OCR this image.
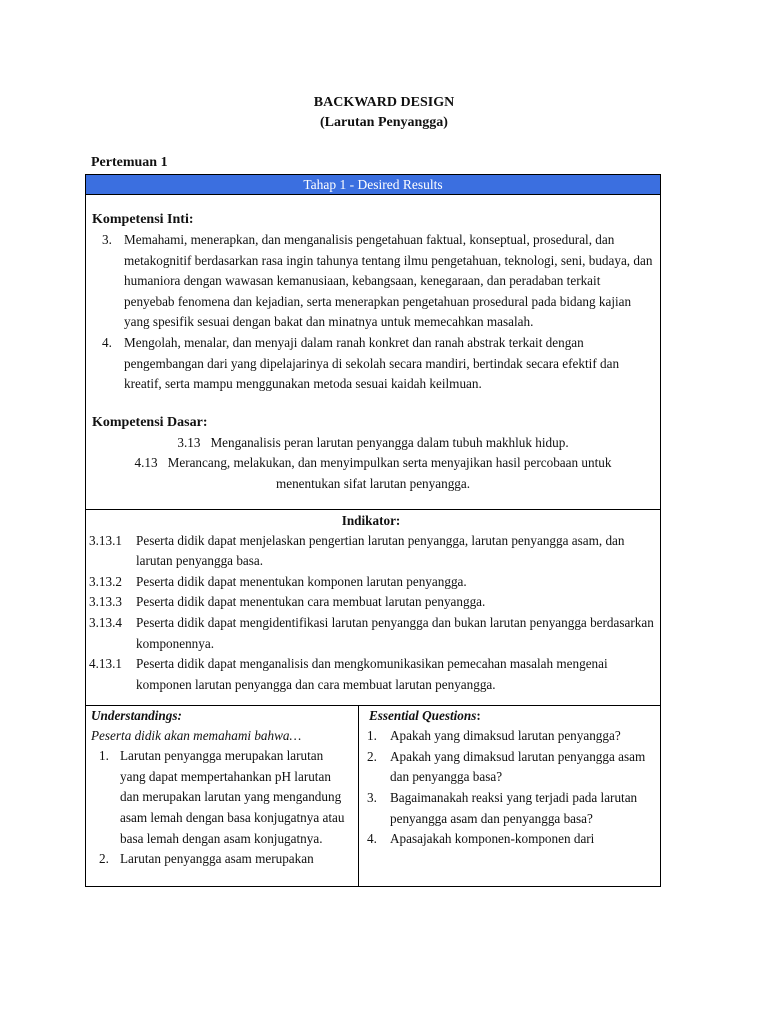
BACKWARD DESIGN
(Larutan Penyangga)
Pertemuan 1
Tahap 1 - Desired Results

Kompetensi Inti:
3. Memahami, menerapkan, dan menganalisis pengetahuan faktual, konseptual, prosedural, dan metakognitif berdasarkan rasa ingin tahunya tentang ilmu pengetahuan, teknologi, seni, budaya, dan humaniora dengan wawasan kemanusiaan, kebangsaan, kenegaraan, dan peradaban terkait penyebab fenomena dan kejadian, serta menerapkan pengetahuan prosedural pada bidang kajian yang spesifik sesuai dengan bakat dan minatnya untuk memecahkan masalah.
4. Mengolah, menalar, dan menyaji dalam ranah konkret dan ranah abstrak terkait dengan pengembangan dari yang dipelajarinya di sekolah secara mandiri, bertindak secara efektif dan kreatif, serta mampu menggunakan metoda sesuai kaidah keilmuan.
Kompetensi Dasar:
3.13 Menganalisis peran larutan penyangga dalam tubuh makhluk hidup.
4.13 Merancang, melakukan, dan menyimpulkan serta menyajikan hasil percobaan untuk
menentukan sifat larutan penyangga.

Indikator:
3.13.1 Peserta didik dapat menjelaskan pengertian larutan penyangga, larutan penyangga asam, dan larutan penyangga basa.
3.13.2 Peserta didik dapat menentukan komponen larutan penyangga.
3.13.3 Peserta didik dapat menentukan cara membuat larutan penyangga.
3.13.4 Peserta didik dapat mengidentifikasi larutan penyangga dan bukan larutan penyangga berdasarkan komponennya.
4.13.1 Peserta didik dapat menganalisis dan mengkomunikasikan pemecahan masalah mengenai komponen larutan penyangga dan cara membuat larutan penyangga.

Understandings:
Peserta didik akan memahami bahwa…
1. Larutan penyangga merupakan larutan yang dapat mempertahankan pH larutan dan merupakan larutan yang mengandung asam lemah dengan basa konjugatnya atau basa lemah dengan asam konjugatnya.
2. Larutan penyangga asam merupakan

Essential Questions:
1. Apakah yang dimaksud larutan penyangga?
2. Apakah yang dimaksud larutan penyangga asam dan penyangga basa?
3. Bagaimanakah reaksi yang terjadi pada larutan penyangga asam dan penyangga basa?
4. Apasajakah komponen-komponen dari
